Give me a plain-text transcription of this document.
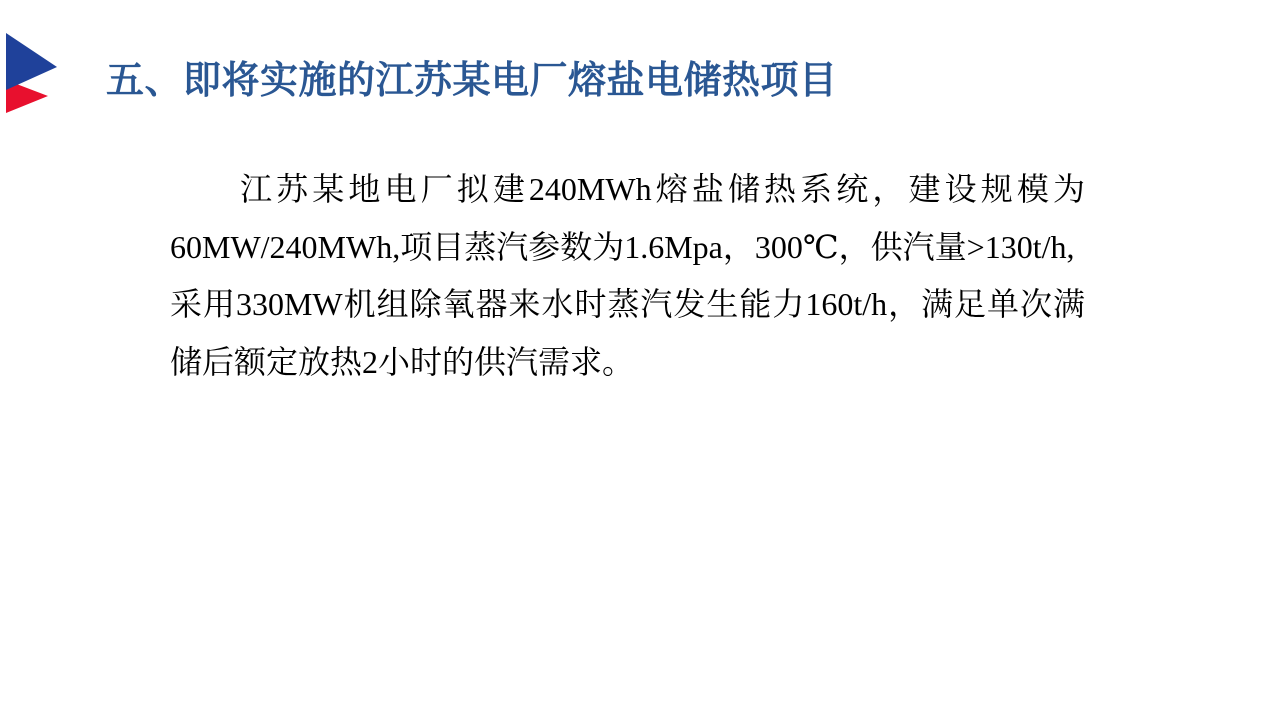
五、即将实施的江苏某电厂熔盐电储热项目
江苏某地电厂拟建240MWh熔盐储热系统，建设规模为
60MW/240MWh,项目蒸汽参数为1.6Mpa，300℃，供汽量>130t/h,
采用330MW机组除氧器来水时蒸汽发生能力160t/h，满足单次满
储后额定放热2小时的供汽需求。
